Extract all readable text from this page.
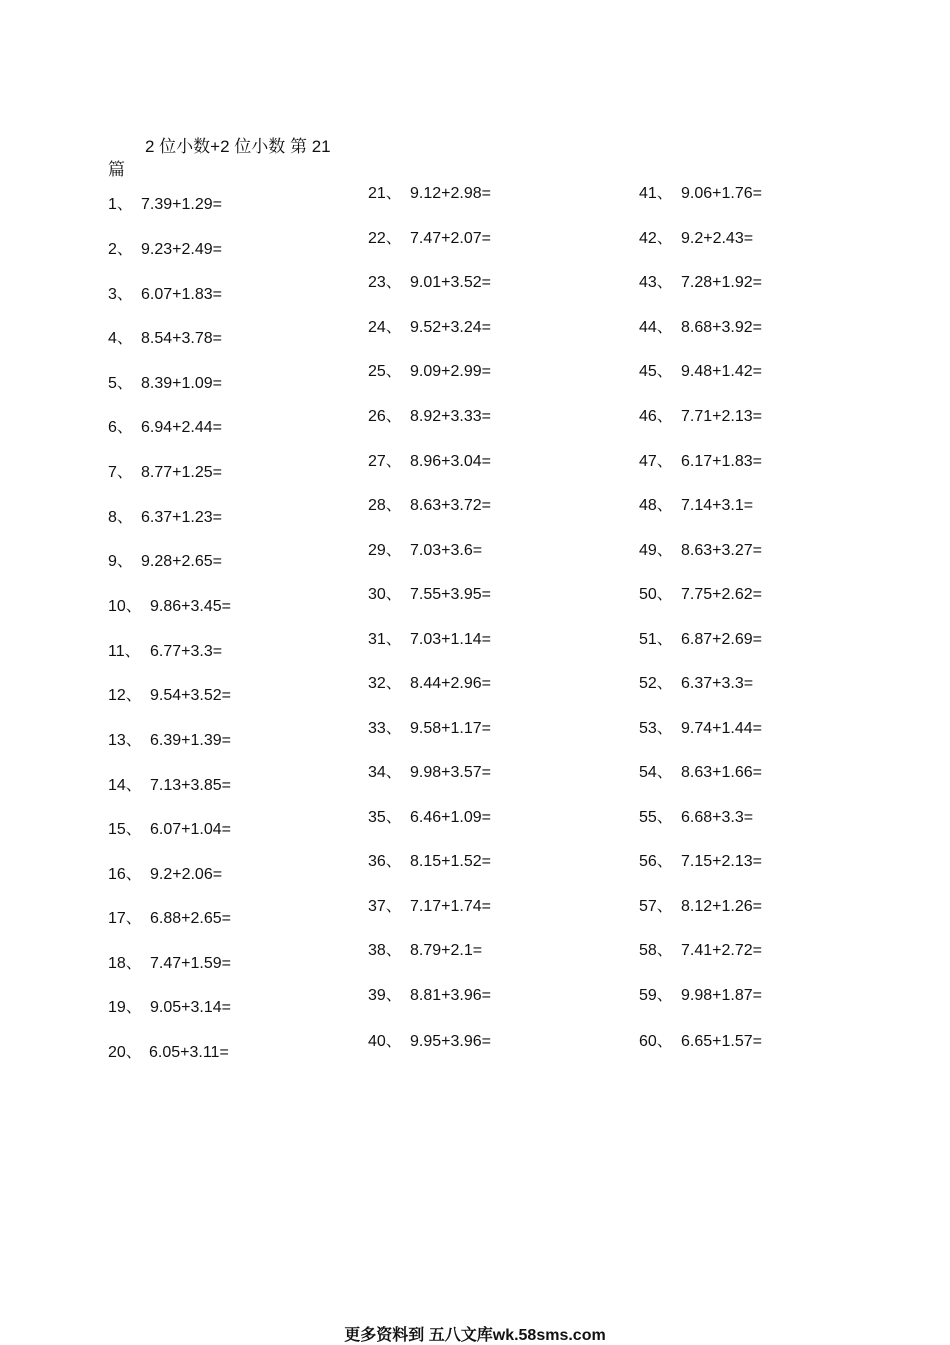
2 位小数+2 位小数 第 21 篇
1、 7.39+1.29=
2、 9.23+2.49=
3、 6.07+1.83=
4、 8.54+3.78=
5、 8.39+1.09=
6、 6.94+2.44=
7、 8.77+1.25=
8、 6.37+1.23=
9、 9.28+2.65=
10、 9.86+3.45=
11、 6.77+3.3=
12、 9.54+3.52=
13、 6.39+1.39=
14、 7.13+3.85=
15、 6.07+1.04=
16、 9.2+2.06=
17、 6.88+2.65=
18、 7.47+1.59=
19、 9.05+3.14=
20、 6.05+3.11=
21、 9.12+2.98=
22、 7.47+2.07=
23、 9.01+3.52=
24、 9.52+3.24=
25、 9.09+2.99=
26、 8.92+3.33=
27、 8.96+3.04=
28、 8.63+3.72=
29、 7.03+3.6=
30、 7.55+3.95=
31、 7.03+1.14=
32、 8.44+2.96=
33、 9.58+1.17=
34、 9.98+3.57=
35、 6.46+1.09=
36、 8.15+1.52=
37、 7.17+1.74=
38、 8.79+2.1=
39、 8.81+3.96=
40、 9.95+3.96=
41、 9.06+1.76=
42、 9.2+2.43=
43、 7.28+1.92=
44、 8.68+3.92=
45、 9.48+1.42=
46、 7.71+2.13=
47、 6.17+1.83=
48、 7.14+3.1=
49、 8.63+3.27=
50、 7.75+2.62=
51、 6.87+2.69=
52、 6.37+3.3=
53、 9.74+1.44=
54、 8.63+1.66=
55、 6.68+3.3=
56、 7.15+2.13=
57、 8.12+1.26=
58、 7.41+2.72=
59、 9.98+1.87=
60、 6.65+1.57=
更多资料到 五八文库wk.58sms.com
